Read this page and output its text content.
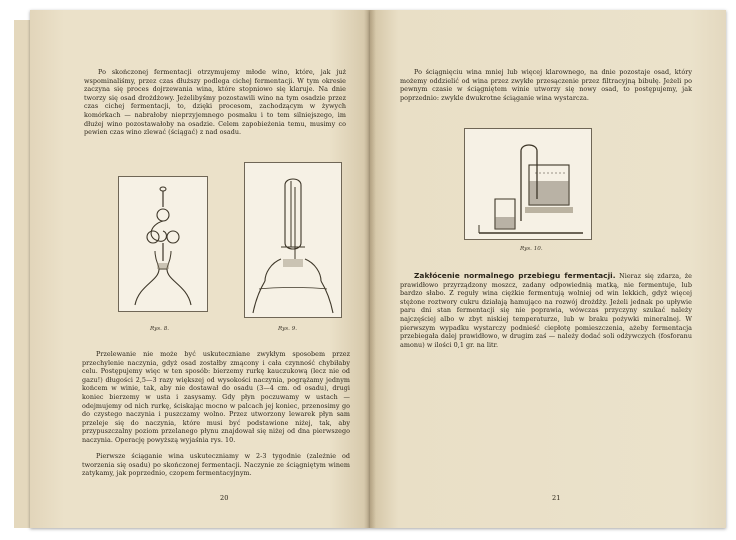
Po skończonej fermentacji otrzymujemy młode wino, które, jak już wspominaliśmy, przez czas dłuższy podlega cichej fermentacji. W tym okresie zaczyna się proces dojrzewania wina, które stopniowo się klaruje. Na dnie tworzy się osad drożdżowy. Jeżelibyśmy pozostawili wino na tym osadzie przez czas cichej fermentacji, to, dzięki procesom, zachodzącym w żywych komórkach — nabrałoby nieprzyjemnego posmaku i to tem silniejszego, im dłużej wino pozostawałoby na osadzie. Celem zapobieżenia temu, musimy co pewien czas wino zlewać (ściągać) z nad osadu.

Rys. 8.	Rys. 9.

Przelewanie nie może być uskuteczniane zwykłym sposobem przez przechylenie naczynia, gdyż osad zostałby zmącony i cała czynność chybiłaby celu. Postępujemy więc w ten sposób: bierzemy rurkę kauczukową (lecz nie od gazu!) długości 2,5—3 razy większej od wysokości naczynia, pogrążamy jednym końcem w winie, tak, aby nie dostawał do osadu (3—4 cm. od osadu), drugi koniec bierzemy w usta i zasysamy. Gdy płyn poczuwamy w ustach — odejmujemy od nich rurkę, ściskając mocno w palcach jej koniec, przenosimy go do czystego naczynia i puszczamy wolno. Przez utworzony lewarek płyn sam przeleje się do naczynia, które musi być podstawione niżej, tak, aby przypuszczalny poziom przelanego płynu znajdował się niżej od dna pierwszego naczynia. Operację powyższą wyjaśnia rys. 10.

Pierwsze ściąganie wina uskuteczniamy w 2-3 tygodnie (zależnie od tworzenia się osadu) po skończonej fermentacji. Naczynie ze ściągniętym winem zatykamy, jak poprzednio, czopem fermentacyjnym.

20

Po ściągnięciu wina mniej lub więcej klarownego, na dnie pozostaje osad, który możemy oddzielić od wina przez zwykłe przesączenie przez filtracyjną bibułę. Jeżeli po pewnym czasie w ściągniętem winie utworzy się nowy osad, to postępujemy, jak poprzednio: zwykle dwukrotne ściąganie wina wystarcza.

Rys. 10.

Zakłócenie normalnego przebiegu fermentacji. Nieraz się zdarza, że prawidłowo przyrządzony moszcz, zadany odpowiednią matką, nie fermentuje, lub bardzo słabo. Z reguły wina ciężkie fermentują wolniej od win lekkich, gdyż więcej stężone roztwory cukru działają hamująco na rozwój drożdży. Jeżeli jednak po upływie paru dni stan fermentacji się nie poprawia, wówczas przyczyny szukać należy najczęściej albo w zbyt niskiej temperaturze, lub w braku pożywki mineralnej. W pierwszym wypadku wystarczy podnieść ciepłotę pomieszczenia, ażeby fermentacja przebiegała dalej prawidłowo, w drugim zaś — należy dodać soli odżywczych (fosforanu amonu) w ilości 0,1 gr. na litr.

21
